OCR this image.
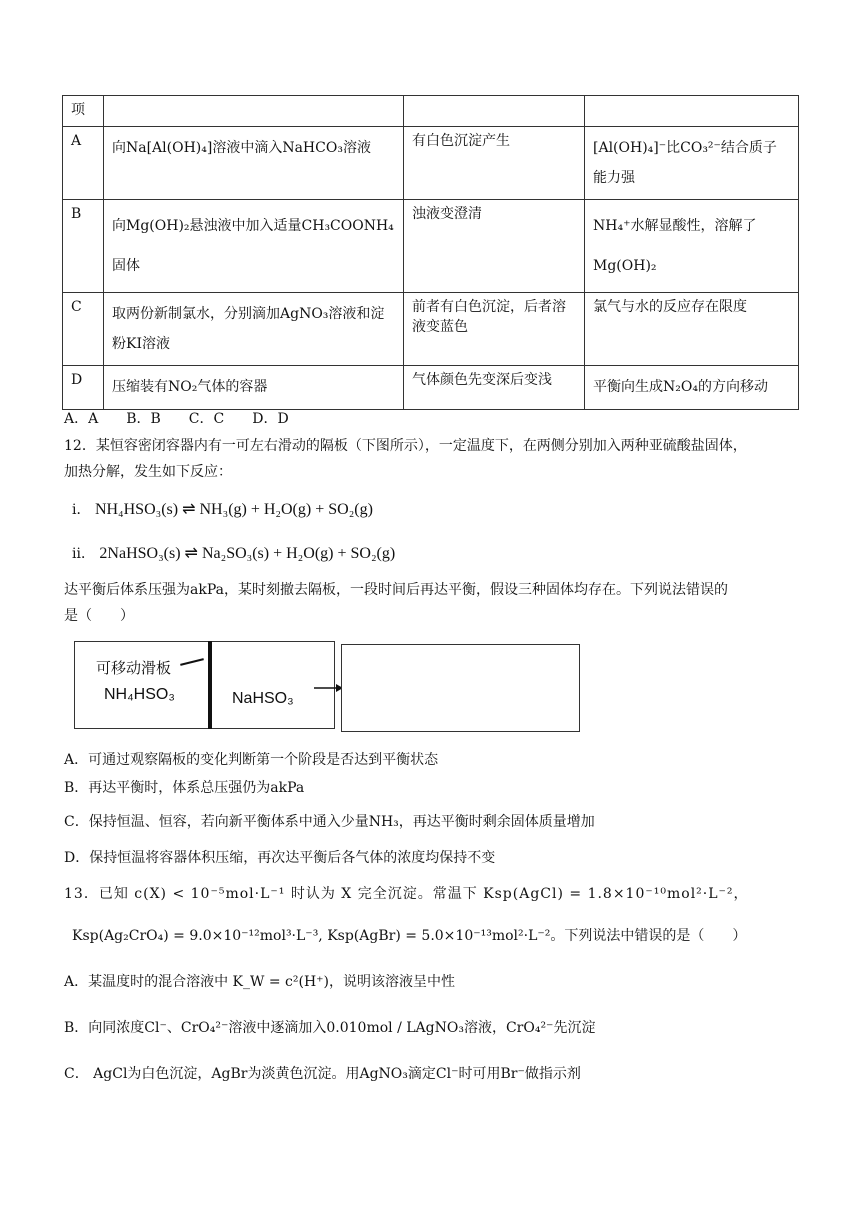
项			
A	向Na[Al(OH)₄]溶液中滴入NaHCO₃溶液	有白色沉淀产生	[Al(OH)₄]⁻比CO₃²⁻结合质子能力强
B	向Mg(OH)₂悬浊液中加入适量CH₃COONH₄固体	浊液变澄清	NH₄⁺水解显酸性，溶解了Mg(OH)₂
C	取两份新制氯水，分别滴加AgNO₃溶液和淀粉KI溶液	前者有白色沉淀，后者溶液变蓝色	氯气与水的反应存在限度
D	压缩装有NO₂气体的容器	气体颜色先变深后变浅	平衡向生成N₂O₄的方向移动
A．A　　B．B　　C．C　　D．D
12．某恒容密闭容器内有一可左右滑动的隔板（下图所示），一定温度下，在两侧分别加入两种亚硫酸盐固体，
加热分解，发生如下反应：
ⅰ． NH₄HSO₃(s) ⇌ NH₃(g) + H₂O(g) + SO₂(g)
ⅱ． 2NaHSO₃(s) ⇌ Na₂SO₃(s) + H₂O(g) + SO₂(g)
达平衡后体系压强为akPa，某时刻撤去隔板，一段时间后再达平衡，假设三种固体均存在。下列说法错误的
是（　　）
可移动滑板
NH₄HSO₃	NaHSO₃
A．可通过观察隔板的变化判断第一个阶段是否达到平衡状态
B．再达平衡时，体系总压强仍为akPa
C．保持恒温、恒容，若向新平衡体系中通入少量NH₃，再达平衡时剩余固体质量增加
D．保持恒温将容器体积压缩，再次达平衡后各气体的浓度均保持不变
13．已知 c(X) < 10⁻⁵mol·L⁻¹ 时认为 X 完全沉淀。常温下 Ksp(AgCl) = 1.8×10⁻¹⁰mol²·L⁻²，
Ksp(Ag₂CrO₄) = 9.0×10⁻¹²mol³·L⁻³, Ksp(AgBr) = 5.0×10⁻¹³mol²·L⁻²。下列说法中错误的是（　　）
A．某温度时的混合溶液中 K_W = c²(H⁺)，说明该溶液呈中性
B．向同浓度Cl⁻、CrO₄²⁻溶液中逐滴加入0.010mol / LAgNO₃溶液，CrO₄²⁻先沉淀
C． AgCl为白色沉淀，AgBr为淡黄色沉淀。用AgNO₃滴定Cl⁻时可用Br⁻做指示剂
